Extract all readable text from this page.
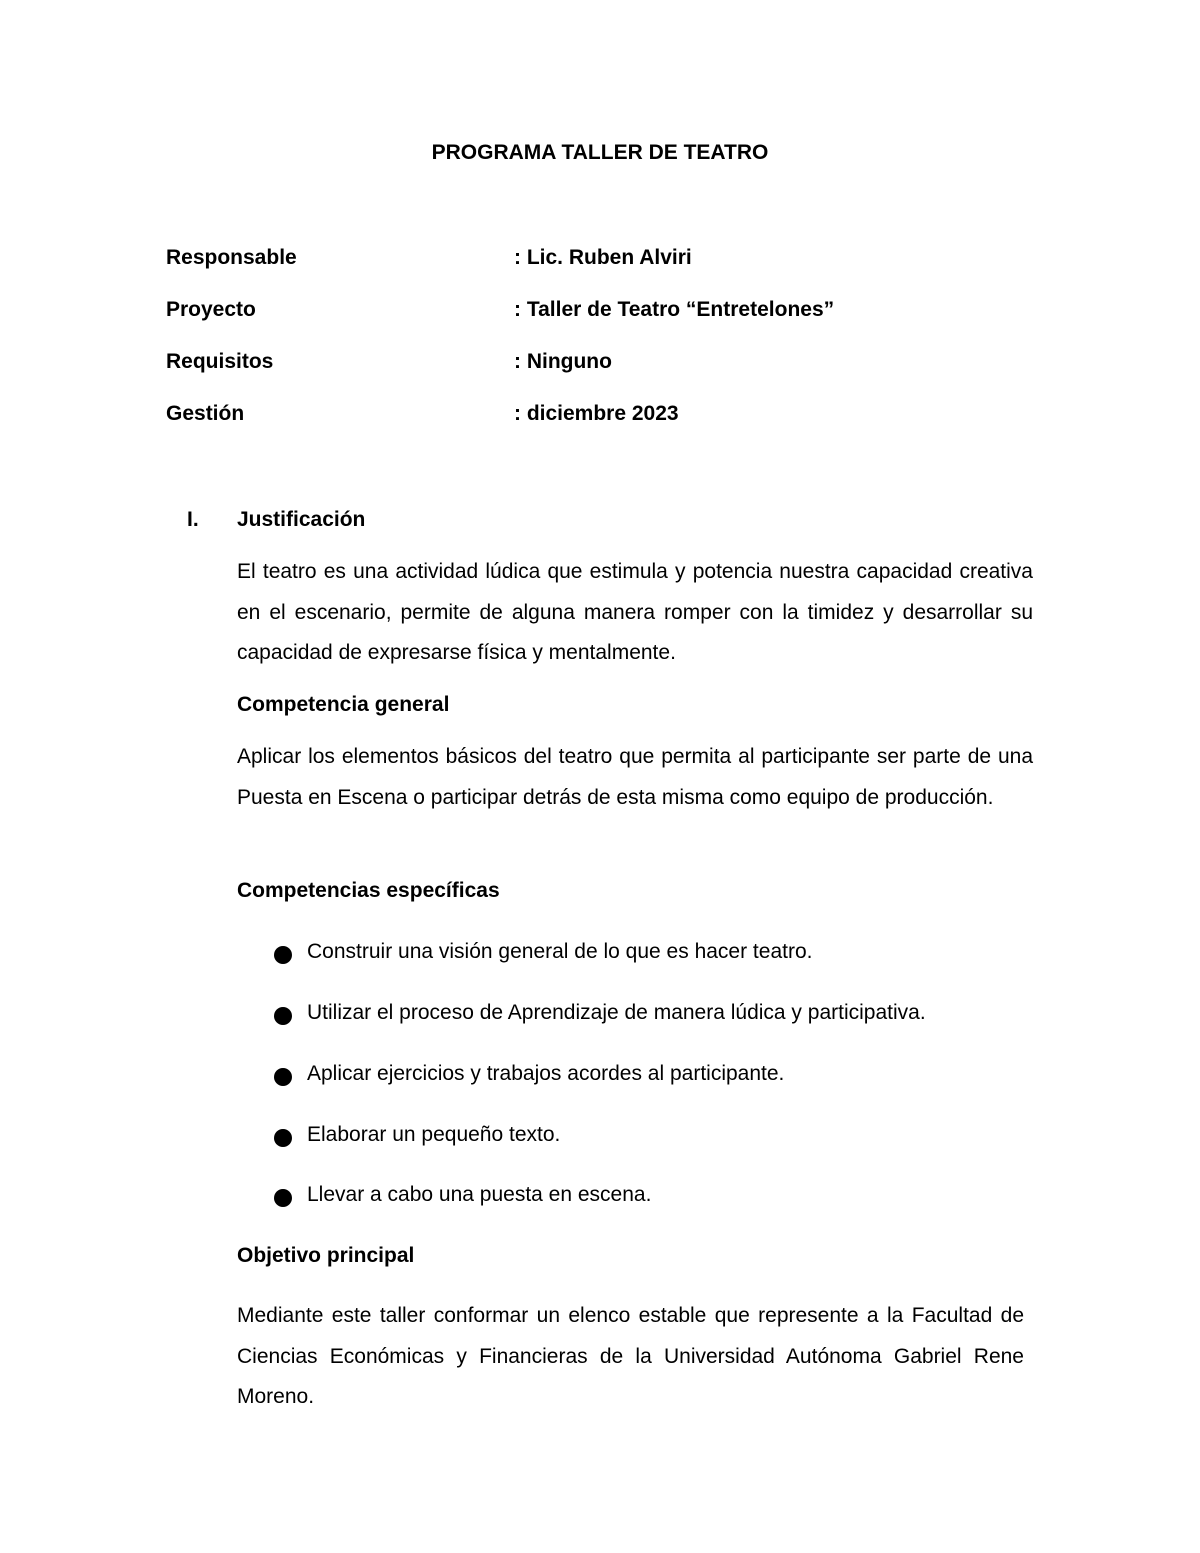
PROGRAMA TALLER DE TEATRO
Responsable	: Lic. Ruben Alviri
Proyecto	: Taller de Teatro “Entretelones”
Requisitos	: Ninguno
Gestión	: diciembre 2023
I. Justificación
El teatro es una actividad lúdica que estimula y potencia nuestra capacidad creativa en el escenario, permite de alguna manera romper con la timidez y desarrollar su capacidad de expresarse física y mentalmente.
Competencia general
Aplicar los elementos básicos del teatro que permita al participante ser parte de una Puesta en Escena o participar detrás de esta misma como equipo de producción.
Competencias específicas
Construir una visión general de lo que es hacer teatro.
Utilizar el proceso de Aprendizaje de manera lúdica y participativa.
Aplicar ejercicios y trabajos acordes al participante.
Elaborar un pequeño texto.
Llevar a cabo una puesta en escena.
Objetivo principal
Mediante este taller conformar un elenco estable que represente a la Facultad de Ciencias Económicas y Financieras de la Universidad Autónoma Gabriel Rene Moreno.
